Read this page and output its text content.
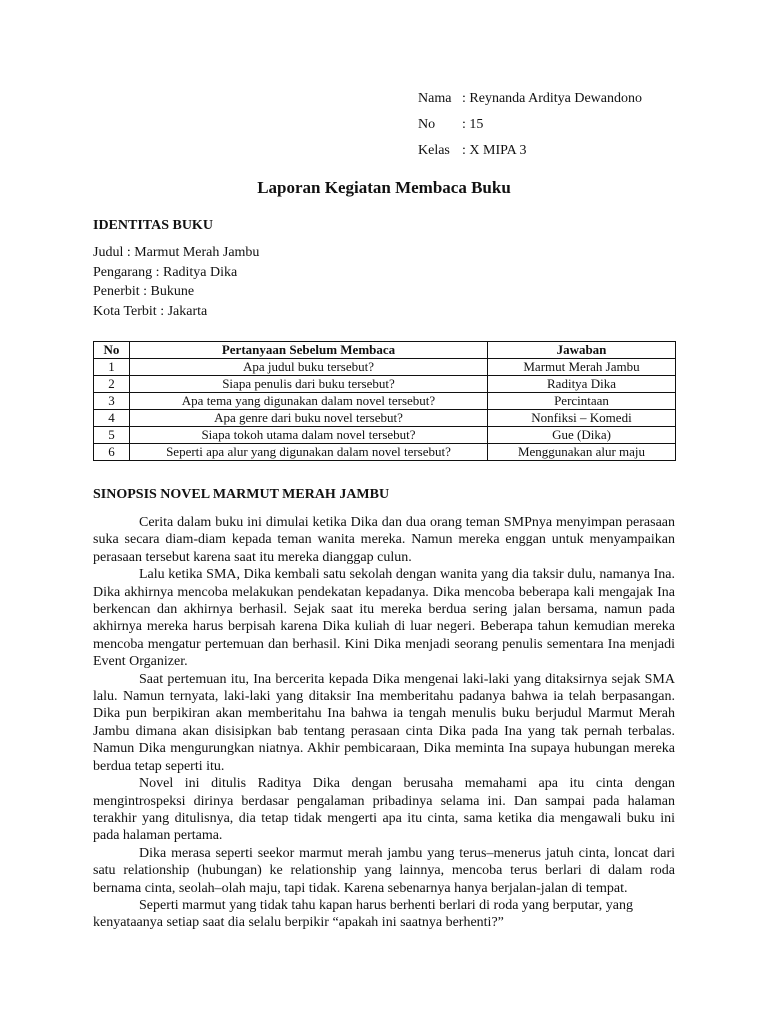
Nama : Reynanda Arditya Dewandono
No	: 15
Kelas : X MIPA 3
Laporan Kegiatan Membaca Buku
IDENTITAS BUKU
Judul : Marmut Merah Jambu
Pengarang : Raditya Dika
Penerbit : Bukune
Kota Terbit : Jakarta
No	Pertanyaan Sebelum Membaca	Jawaban
1	Apa judul buku tersebut?	Marmut Merah Jambu
2	Siapa penulis dari buku tersebut?	Raditya Dika
3	Apa tema yang digunakan dalam novel tersebut?	Percintaan
4	Apa genre dari buku novel tersebut?	Nonfiksi – Komedi
5	Siapa tokoh utama dalam novel tersebut?	Gue (Dika)
6	Seperti apa alur yang digunakan dalam novel tersebut?	Menggunakan alur maju
SINOPSIS NOVEL MARMUT MERAH JAMBU

Cerita dalam buku ini dimulai ketika Dika dan dua orang teman SMPnya menyimpan perasaan suka secara diam-diam kepada teman wanita mereka. Namun mereka enggan untuk menyampaikan perasaan tersebut karena saat itu mereka dianggap culun.

Lalu ketika SMA, Dika kembali satu sekolah dengan wanita yang dia taksir dulu, namanya Ina. Dika akhirnya mencoba melakukan pendekatan kepadanya. Dika mencoba beberapa kali mengajak Ina berkencan dan akhirnya berhasil. Sejak saat itu mereka berdua sering jalan bersama, namun pada akhirnya mereka harus berpisah karena Dika kuliah di luar negeri. Beberapa tahun kemudian mereka mencoba mengatur pertemuan dan berhasil. Kini Dika menjadi seorang penulis sementara Ina menjadi Event Organizer.

Saat pertemuan itu, Ina bercerita kepada Dika mengenai laki-laki yang ditaksirnya sejak SMA lalu. Namun ternyata, laki-laki yang ditaksir Ina memberitahu padanya bahwa ia telah berpasangan. Dika pun berpikiran akan memberitahu Ina bahwa ia tengah menulis buku berjudul Marmut Merah Jambu dimana akan disisipkan bab tentang perasaan cinta Dika pada Ina yang tak pernah terbalas. Namun Dika mengurungkan niatnya. Akhir pembicaraan, Dika meminta Ina supaya hubungan mereka berdua tetap seperti itu.

Novel ini ditulis Raditya Dika dengan berusaha memahami apa itu cinta dengan mengintrospeksi dirinya berdasar pengalaman pribadinya selama ini. Dan sampai pada halaman terakhir yang ditulisnya, dia tetap tidak mengerti apa itu cinta, sama ketika dia mengawali buku ini pada halaman pertama.

Dika merasa seperti seekor marmut merah jambu yang terus–menerus jatuh cinta, loncat dari satu relationship (hubungan) ke relationship yang lainnya, mencoba terus berlari di dalam roda bernama cinta, seolah–olah maju, tapi tidak. Karena sebenarnya hanya berjalan-jalan di tempat.

Seperti marmut yang tidak tahu kapan harus berhenti berlari di roda yang berputar, yang kenyataanya setiap saat dia selalu berpikir “apakah ini saatnya berhenti?”
